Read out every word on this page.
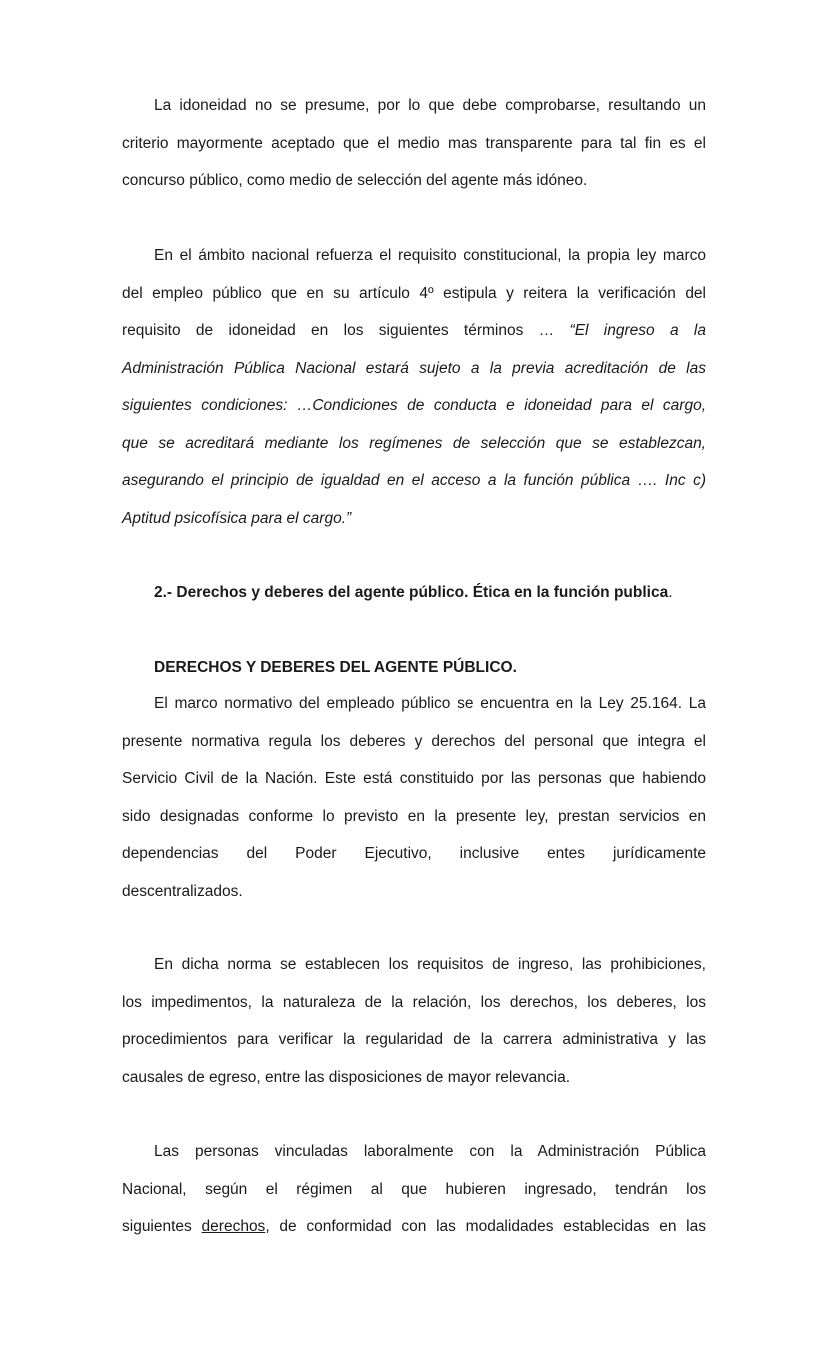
La idoneidad no se presume, por lo que debe comprobarse, resultando un
criterio mayormente aceptado que el medio mas transparente para tal fin es el
concurso público, como medio de selección del agente más idóneo.
En el ámbito nacional refuerza el requisito constitucional, la propia ley marco
del empleo público que en su artículo 4º estipula y reitera la verificación del
requisito de idoneidad en los siguientes términos … “El ingreso a la
Administración Pública Nacional estará sujeto a la previa acreditación de las
siguientes condiciones: …Condiciones de conducta e idoneidad para el cargo,
que se acreditará mediante los regímenes de selección que se establezcan,
asegurando el principio de igualdad en el acceso a la función pública …. Inc c)
Aptitud psicofísica para el cargo.”
2.- Derechos y deberes del agente público. Ética en la función publica.
DERECHOS Y DEBERES DEL AGENTE PÚBLICO.
El marco normativo del empleado público se encuentra en la Ley 25.164. La
presente normativa regula los deberes y derechos del personal que integra el
Servicio Civil de la Nación. Este está constituido por las personas que habiendo
sido designadas conforme lo previsto en la presente ley, prestan servicios en
dependencias del Poder Ejecutivo, inclusive entes jurídicamente
descentralizados.
En dicha norma se establecen los requisitos de ingreso, las prohibiciones,
los impedimentos, la naturaleza de la relación, los derechos, los deberes, los
procedimientos para verificar la regularidad de la carrera administrativa y las
causales de egreso, entre las disposiciones de mayor relevancia.
Las personas vinculadas laboralmente con la Administración Pública
Nacional, según el régimen al que hubieren ingresado, tendrán los
siguientes derechos, de conformidad con las modalidades establecidas en las
